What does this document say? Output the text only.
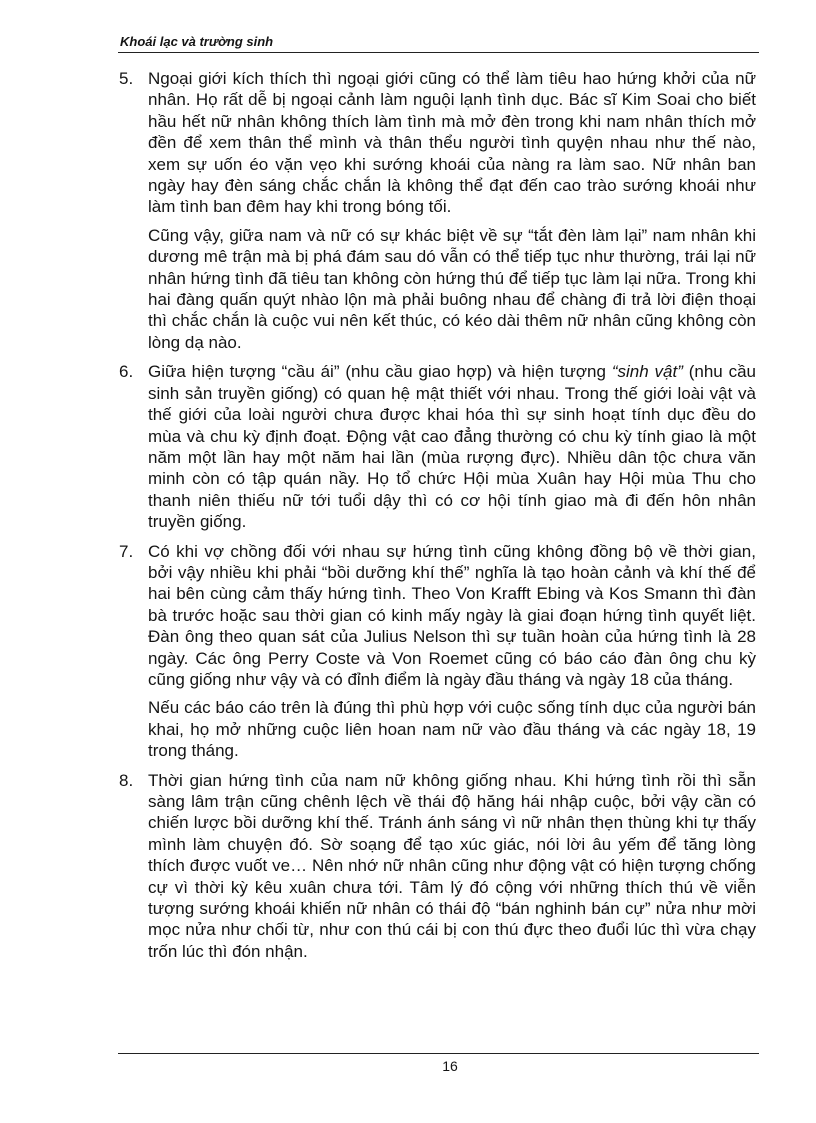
Khoái lạc và trường sinh
5. Ngoại giới kích thích thì ngoại giới cũng có thể làm tiêu hao hứng khởi của nữ nhân. Họ rất dễ bị ngoại cảnh làm nguội lạnh tình dục. Bác sĩ Kim Soai cho biết hầu hết nữ nhân không thích làm tình mà mở đèn trong khi nam nhân thích mở đền để xem thân thể mình và thân thểu người tình quyện nhau như thế nào, xem sự uốn éo vặn vẹo khi sướng khoái của nàng ra làm sao. Nữ nhân ban ngày hay đèn sáng chắc chắn là không thể đạt đến cao trào sướng khoái như làm tình ban đêm hay khi trong bóng tối.

Cũng vậy, giữa nam và nữ có sự khác biệt về sự “tắt đèn làm lại” nam nhân khi dương mê trận mà bị phá đám sau dó vẫn có thể tiếp tục như thường, trái lại nữ nhân hứng tình đã tiêu tan không còn hứng thú để tiếp tục làm lại nữa. Trong khi hai đàng quấn quýt nhào lộn mà phải buông nhau để chàng đi trả lời điện thoại thì chắc chắn là cuộc vui nên kết thúc, có kéo dài thêm nữ nhân cũng không còn lòng dạ nào.

6. Giữa hiện tượng “cầu ái” (nhu cầu giao hợp) và hiện tượng “sinh vật” (nhu cầu sinh sản truyền giống) có quan hệ mật thiết với nhau. Trong thế giới loài vật và thế giới của loài người chưa được khai hóa thì sự sinh hoạt tính dục đều do mùa và chu kỳ định đoạt. Động vật cao đẳng thường có chu kỳ tính giao là một năm một lần hay một năm hai lần (mùa rượng đực). Nhiều dân tộc chưa văn minh còn có tập quán nầy. Họ tổ chức Hội mùa Xuân hay Hội mùa Thu cho thanh niên thiếu nữ tới tuổi dậy thì có cơ hội tính giao mà đi đến hôn nhân truyền giống.

7. Có khi vợ chồng đối với nhau sự hứng tình cũng không đồng bộ về thời gian, bởi vậy nhiều khi phải “bồi dưỡng khí thế” nghĩa là tạo hoàn cảnh và khí thế để hai bên cùng cảm thấy hứng tình. Theo Von Krafft Ebing và Kos Smann thì đàn bà trước hoặc sau thời gian có kinh mấy ngày là giai đoạn hứng tình quyết liệt. Đàn ông theo quan sát của Julius Nelson thì sự tuần hoàn của hứng tình là 28 ngày. Các ông Perry Coste và Von Roemet cũng có báo cáo đàn ông chu kỳ cũng giống như vậy và có đỉnh điểm là ngày đầu tháng và ngày 18 của tháng.

Nếu các báo cáo trên là đúng thì phù hợp với cuộc sống tính dục của người bán khai, họ mở những cuộc liên hoan nam nữ vào đầu tháng và các ngày 18, 19 trong tháng.

8. Thời gian hứng tình của nam nữ không giống nhau. Khi hứng tình rồi thì sẵn sàng lâm trận cũng chênh lệch về thái độ hăng hái nhập cuộc, bởi vậy cần có chiến lược bồi dưỡng khí thế. Tránh ánh sáng vì nữ nhân thẹn thùng khi tự thấy mình làm chuyện đó. Sờ soạng để tạo xúc giác, nói lời âu yếm để tăng lòng thích được vuốt ve… Nên nhớ nữ nhân cũng như động vật có hiện tượng chống cự vì thời kỳ kêu xuân chưa tới. Tâm lý đó cộng với những thích thú về viễn tượng sướng khoái khiến nữ nhân có thái độ “bán nghinh bán cự” nửa như mời mọc nửa như chối từ, như con thú cái bị con thú đực theo đuổi lúc thì vừa chạy trốn lúc thì đón nhận.

16
